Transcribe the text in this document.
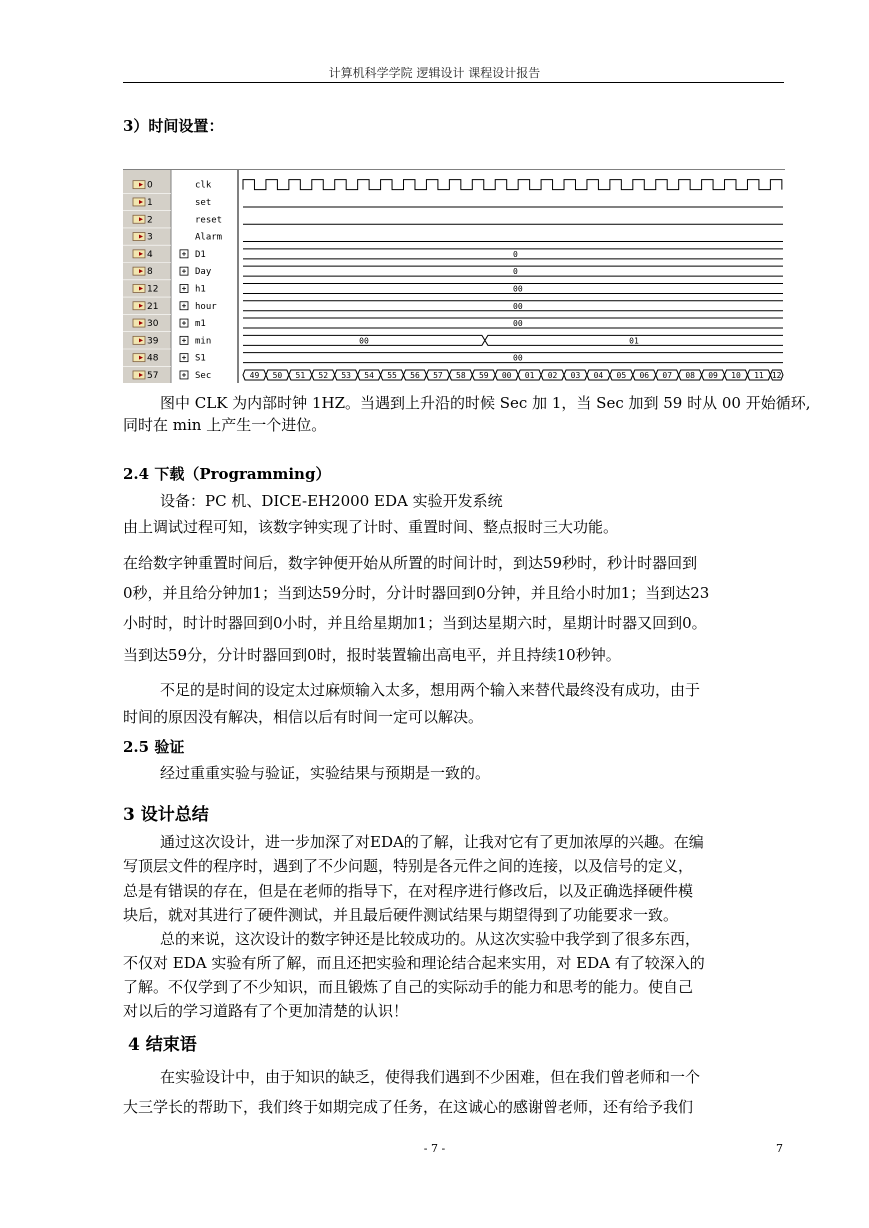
计算机科学学院 逻辑设计 课程设计报告
3）时间设置：
0	clk
1	set
2	reset
3	Alarm
4	D1	0
8	Day	0
12	h1	00
21	hour	00
30	m1	00
39	min	00	01
48	S1	00
57	Sec	49 50 51 52 53 54 55 56 57 58 59 00 01 02 03 04 05 06 07 08 09 10 11 12
图中 CLK 为内部时钟 1HZ。当遇到上升沿的时候 Sec 加 1，当 Sec 加到 59 时从 00 开始循环,
同时在 min 上产生一个进位。
2.4 下载（Programming）
设备：PC 机、DICE-EH2000 EDA 实验开发系统
由上调试过程可知，该数字钟实现了计时、重置时间、整点报时三大功能。
在给数字钟重置时间后，数字钟便开始从所置的时间计时，到达59秒时，秒计时器回到
0秒，并且给分钟加1；当到达59分时，分计时器回到0分钟，并且给小时加1；当到达23
小时时，时计时器回到0小时，并且给星期加1；当到达星期六时，星期计时器又回到0。
当到达59分，分计时器回到0时，报时装置输出高电平，并且持续10秒钟。
不足的是时间的设定太过麻烦输入太多，想用两个输入来替代最终没有成功，由于
时间的原因没有解决，相信以后有时间一定可以解决。
2.5 验证
经过重重实验与验证，实验结果与预期是一致的。
3 设计总结
通过这次设计，进一步加深了对EDA的了解，让我对它有了更加浓厚的兴趣。在编
写顶层文件的程序时，遇到了不少问题，特别是各元件之间的连接，以及信号的定义，
总是有错误的存在，但是在老师的指导下，在对程序进行修改后，以及正确选择硬件模
块后，就对其进行了硬件测试，并且最后硬件测试结果与期望得到了功能要求一致。
总的来说，这次设计的数字钟还是比较成功的。从这次实验中我学到了很多东西，
不仅对 EDA 实验有所了解，而且还把实验和理论结合起来实用，对 EDA 有了较深入的
了解。不仅学到了不少知识，而且锻炼了自己的实际动手的能力和思考的能力。使自己
对以后的学习道路有了个更加清楚的认识！
4 结束语
在实验设计中，由于知识的缺乏，使得我们遇到不少困难，但在我们曾老师和一个
大三学长的帮助下，我们终于如期完成了任务，在这诚心的感谢曾老师，还有给予我们
- 7 -	7
